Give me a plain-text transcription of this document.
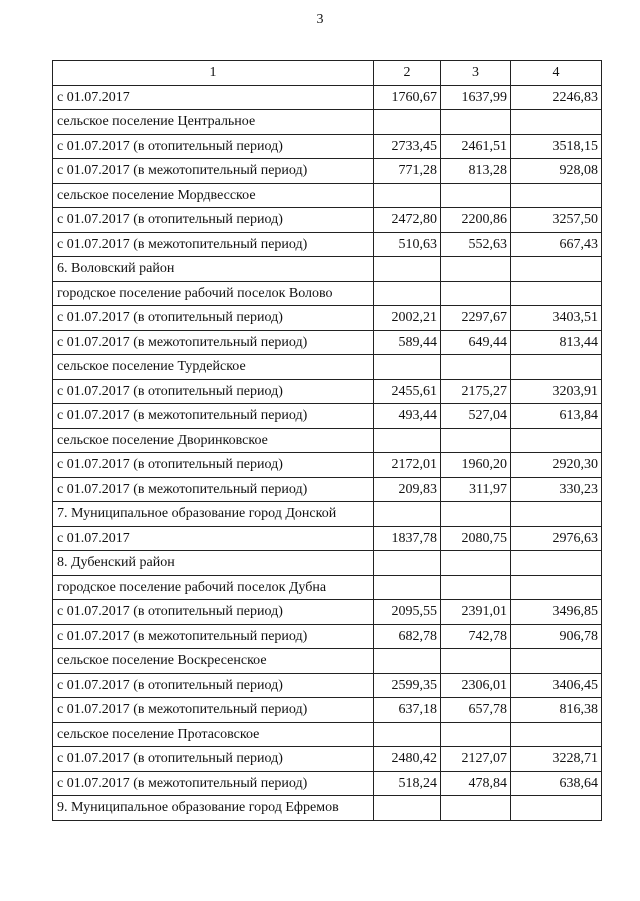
3
1	2	3	4
с 01.07.2017	1760,67	1637,99	2246,83
сельское поселение Центральное			
с 01.07.2017 (в отопительный период)	2733,45	2461,51	3518,15
с 01.07.2017 (в межотопительный период)	771,28	813,28	928,08
сельское поселение Мордвесское			
с 01.07.2017 (в отопительный период)	2472,80	2200,86	3257,50
с 01.07.2017 (в межотопительный период)	510,63	552,63	667,43
6. Воловский район			
городское поселение рабочий поселок Волово			
с 01.07.2017 (в отопительный период)	2002,21	2297,67	3403,51
с 01.07.2017 (в межотопительный период)	589,44	649,44	813,44
сельское поселение Турдейское			
с 01.07.2017 (в отопительный период)	2455,61	2175,27	3203,91
с 01.07.2017 (в межотопительный период)	493,44	527,04	613,84
сельское поселение Дворинковское			
с 01.07.2017 (в отопительный период)	2172,01	1960,20	2920,30
с 01.07.2017 (в межотопительный период)	209,83	311,97	330,23
7. Муниципальное образование город Донской			
с 01.07.2017	1837,78	2080,75	2976,63
8. Дубенский район			
городское поселение рабочий поселок Дубна			
с 01.07.2017 (в отопительный период)	2095,55	2391,01	3496,85
с 01.07.2017 (в межотопительный период)	682,78	742,78	906,78
сельское поселение Воскресенское			
с 01.07.2017 (в отопительный период)	2599,35	2306,01	3406,45
с 01.07.2017 (в межотопительный период)	637,18	657,78	816,38
сельское поселение Протасовское			
с 01.07.2017 (в отопительный период)	2480,42	2127,07	3228,71
с 01.07.2017 (в межотопительный период)	518,24	478,84	638,64
9. Муниципальное образование город Ефремов			
